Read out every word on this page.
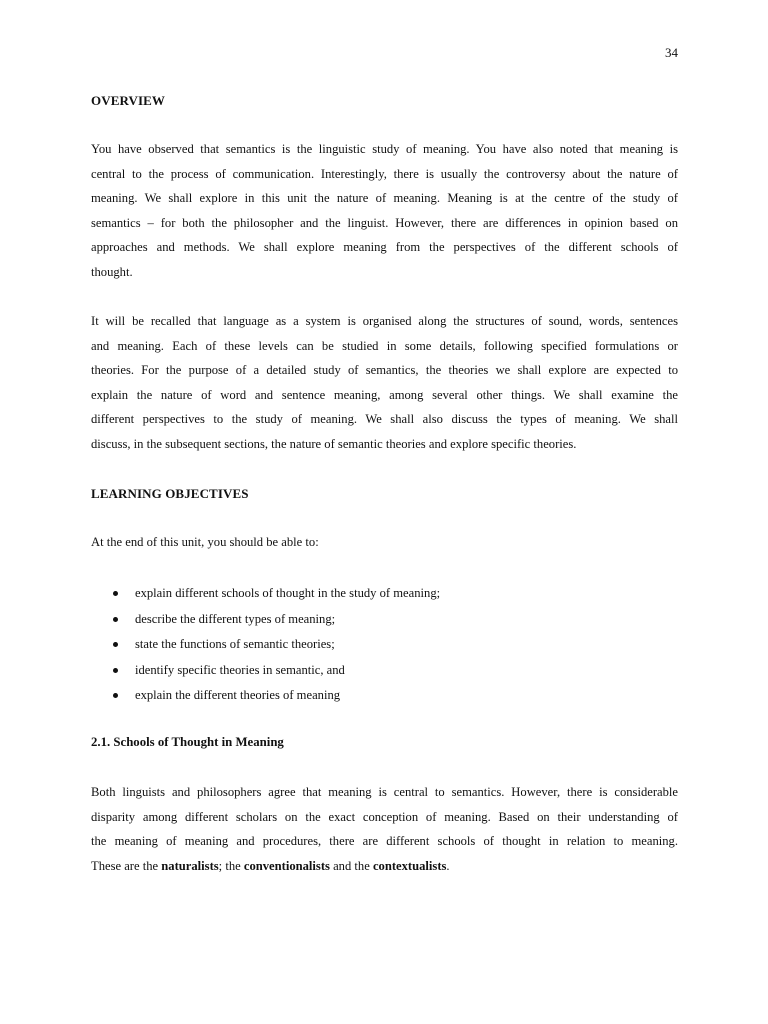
34
OVERVIEW
You have observed that semantics is the linguistic study of meaning. You have also noted that meaning is
central to the process of communication. Interestingly, there is usually the controversy about the nature of
meaning. We shall explore in this unit the nature of meaning. Meaning is at the centre of the study of
semantics – for both the philosopher and the linguist. However, there are differences in opinion based on
approaches and methods. We shall explore meaning from the perspectives of the different schools of
thought.
It will be recalled that language as a system is organised along the structures of sound, words, sentences
and meaning. Each of these levels can be studied in some details, following specified formulations or
theories. For the purpose of a detailed study of semantics, the theories we shall explore are expected to
explain the nature of word and sentence meaning, among several other things. We shall examine the
different perspectives to the study of meaning. We shall also discuss the types of meaning. We shall
discuss, in the subsequent sections, the nature of semantic theories and explore specific theories.
LEARNING OBJECTIVES
At the end of this unit, you should be able to:
explain different schools of thought in the study of meaning;
describe the different types of meaning;
state the functions of semantic theories;
identify specific theories in semantic, and
explain the different theories of meaning
2.1. Schools of Thought in Meaning
Both linguists and philosophers agree that meaning is central to semantics. However, there is considerable
disparity among different scholars on the exact conception of meaning. Based on their understanding of
the meaning of meaning and procedures, there are different schools of thought in relation to meaning.
These are the naturalists; the conventionalists and the contextualists.
